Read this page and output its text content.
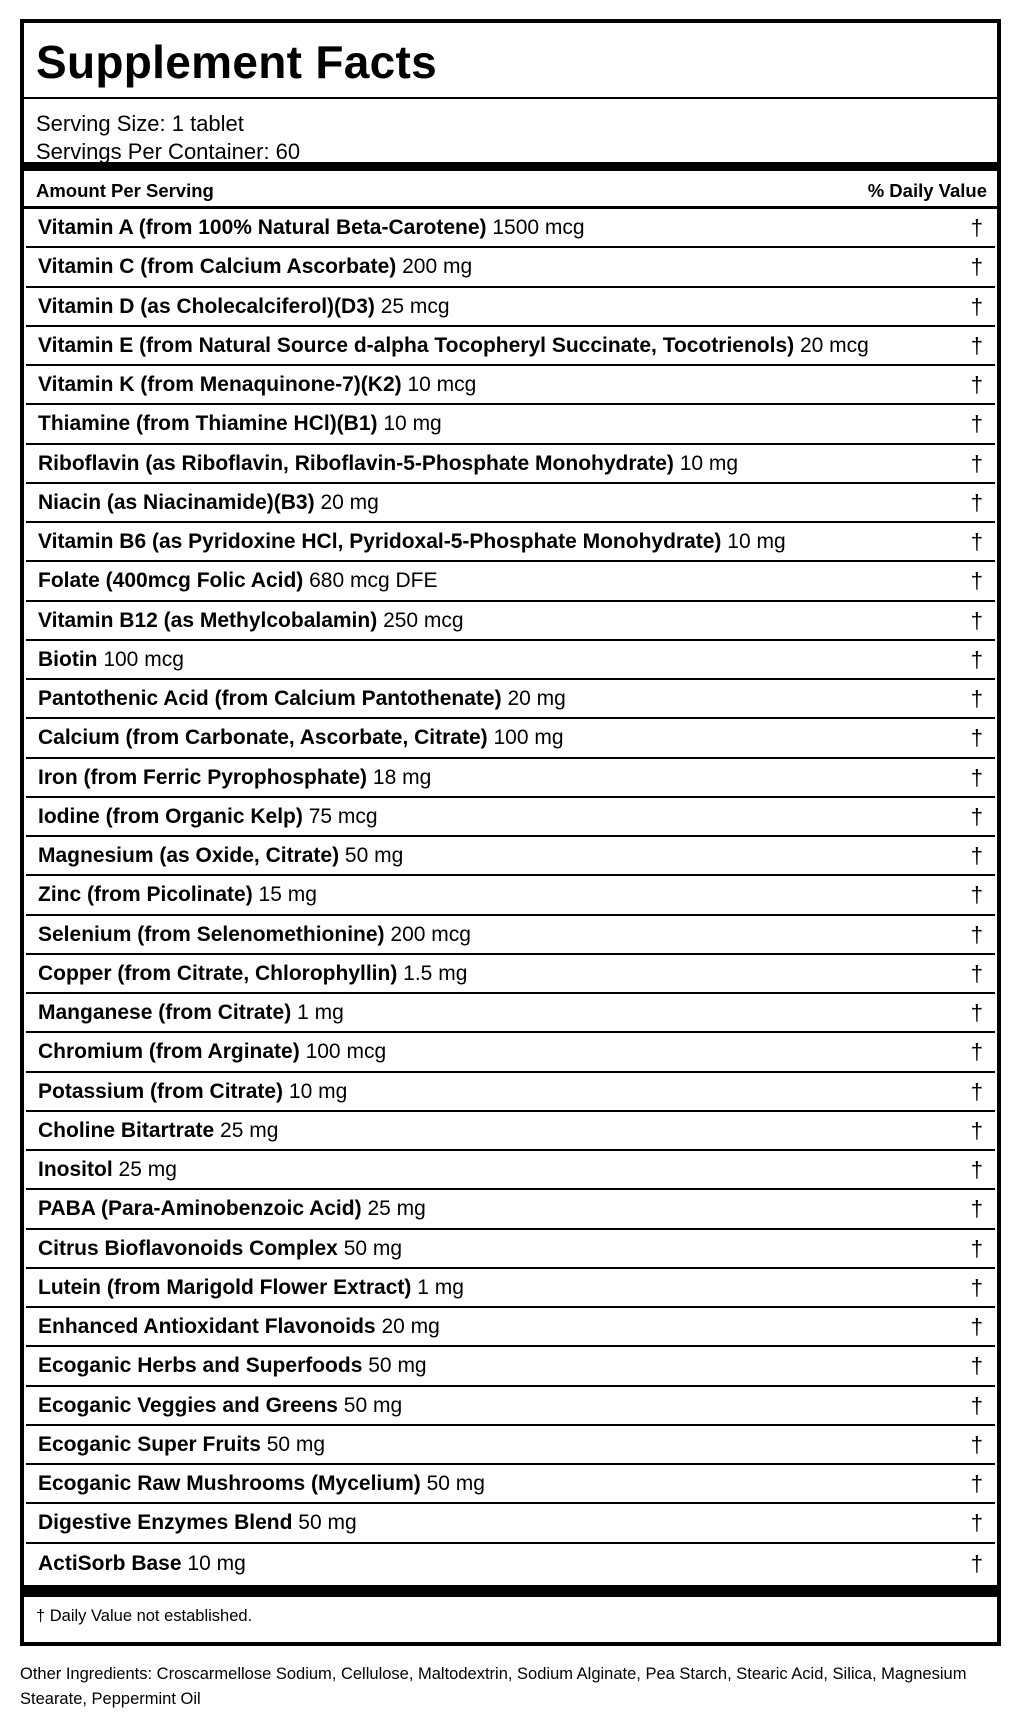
Supplement Facts
Serving Size: 1 tablet
Servings Per Container: 60
Amount Per Serving	% Daily Value
Vitamin A (from 100% Natural Beta-Carotene) 1500 mcg	†
Vitamin C (from Calcium Ascorbate) 200 mg	†
Vitamin D (as Cholecalciferol)(D3) 25 mcg	†
Vitamin E (from Natural Source d-alpha Tocopheryl Succinate, Tocotrienols) 20 mcg	†
Vitamin K (from Menaquinone-7)(K2) 10 mcg	†
Thiamine (from Thiamine HCl)(B1) 10 mg	†
Riboflavin (as Riboflavin, Riboflavin-5-Phosphate Monohydrate) 10 mg	†
Niacin (as Niacinamide)(B3) 20 mg	†
Vitamin B6 (as Pyridoxine HCl, Pyridoxal-5-Phosphate Monohydrate) 10 mg	†
Folate (400mcg Folic Acid) 680 mcg DFE	†
Vitamin B12 (as Methylcobalamin) 250 mcg	†
Biotin 100 mcg	†
Pantothenic Acid (from Calcium Pantothenate) 20 mg	†
Calcium (from Carbonate, Ascorbate, Citrate) 100 mg	†
Iron (from Ferric Pyrophosphate) 18 mg	†
Iodine (from Organic Kelp) 75 mcg	†
Magnesium (as Oxide, Citrate) 50 mg	†
Zinc (from Picolinate) 15 mg	†
Selenium (from Selenomethionine) 200 mcg	†
Copper (from Citrate, Chlorophyllin) 1.5 mg	†
Manganese (from Citrate) 1 mg	†
Chromium (from Arginate) 100 mcg	†
Potassium (from Citrate) 10 mg	†
Choline Bitartrate 25 mg	†
Inositol 25 mg	†
PABA (Para-Aminobenzoic Acid) 25 mg	†
Citrus Bioflavonoids Complex 50 mg	†
Lutein (from Marigold Flower Extract) 1 mg	†
Enhanced Antioxidant Flavonoids 20 mg	†
Ecoganic Herbs and Superfoods 50 mg	†
Ecoganic Veggies and Greens 50 mg	†
Ecoganic Super Fruits 50 mg	†
Ecoganic Raw Mushrooms (Mycelium) 50 mg	†
Digestive Enzymes Blend 50 mg	†
ActiSorb Base 10 mg	†
† Daily Value not established.
Other Ingredients: Croscarmellose Sodium, Cellulose, Maltodextrin, Sodium Alginate, Pea Starch, Stearic Acid, Silica, Magnesium Stearate, Peppermint Oil
